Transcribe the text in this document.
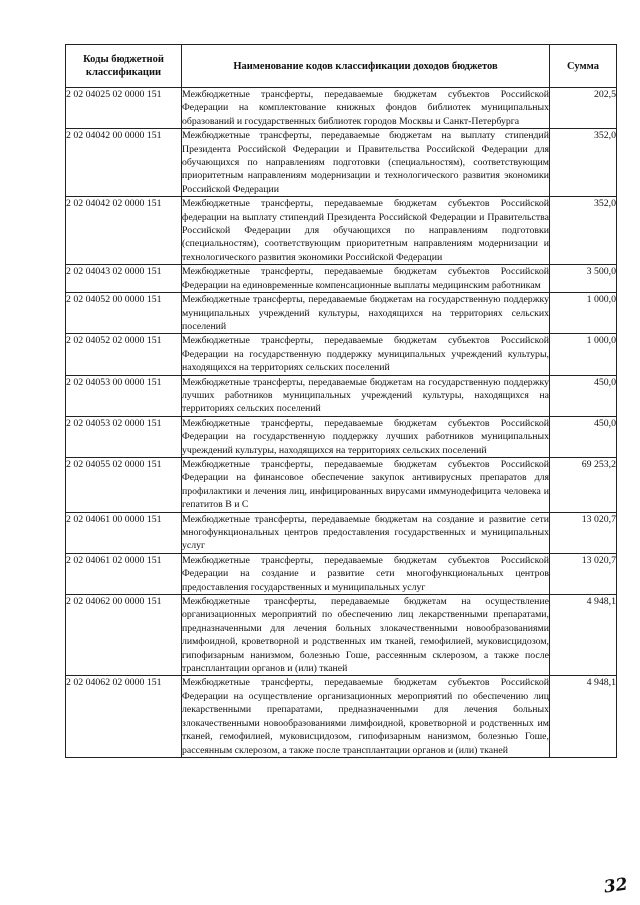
Коды бюджетной классификации	Наименование кодов классификации доходов бюджетов	Сумма
2 02 04025 02 0000 151	Межбюджетные трансферты, передаваемые бюджетам субъектов Российской Федерации на комплектование книжных фондов библиотек муниципальных образований и государственных библиотек городов Москвы и Санкт-Петербурга	202,5
2 02 04042 00 0000 151	Межбюджетные трансферты, передаваемые бюджетам на выплату стипендий Президента Российской Федерации и Правительства Российской Федерации для обучающихся по направлениям подготовки (специальностям), соответствующим приоритетным направлениям модернизации и технологического развития экономики Российской Федерации	352,0
2 02 04042 02 0000 151	Межбюджетные трансферты, передаваемые бюджетам субъектов Российской федерации на выплату стипендий Президента Российской Федерации и Правительства Российской Федерации для обучающихся по направлениям подготовки (специальностям), соответствующим приоритетным направлениям модернизации и технологического развития экономики Российской Федерации	352,0
2 02 04043 02 0000 151	Межбюджетные трансферты, передаваемые бюджетам субъектов Российской Федерации на единовременные компенсационные выплаты медицинским работникам	3 500,0
2 02 04052 00 0000 151	Межбюджетные трансферты, передаваемые бюджетам на государственную поддержку муниципальных учреждений культуры, находящихся на территориях сельских поселений	1 000,0
2 02 04052 02 0000 151	Межбюджетные трансферты, передаваемые бюджетам субъектов Российской Федерации на государственную поддержку муниципальных учреждений культуры, находящихся на территориях сельских поселений	1 000,0
2 02 04053 00 0000 151	Межбюджетные трансферты, передаваемые бюджетам на государственную поддержку лучших работников муниципальных учреждений культуры, находящихся на территориях сельских поселений	450,0
2 02 04053 02 0000 151	Межбюджетные трансферты, передаваемые бюджетам субъектов Российской Федерации на государственную поддержку лучших работников муниципальных учреждений культуры, находящихся на территориях сельских поселений	450,0
2 02 04055 02 0000 151	Межбюджетные трансферты, передаваемые бюджетам субъектов Российской Федерации на финансовое обеспечение закупок антивирусных препаратов для профилактики и лечения лиц, инфицированных вирусами иммунодефицита человека и гепатитов В и С	69 253,2
2 02 04061 00 0000 151	Межбюджетные трансферты, передаваемые бюджетам на создание и развитие сети многофункциональных центров предоставления государственных и муниципальных услуг	13 020,7
2 02 04061 02 0000 151	Межбюджетные трансферты, передаваемые бюджетам субъектов Российской Федерации на создание и развитие сети многофункциональных центров предоставления государственных и муниципальных услуг	13 020,7
2 02 04062 00 0000 151	Межбюджетные трансферты, передаваемые бюджетам на осуществление организационных мероприятий по обеспечению лиц лекарственными препаратами, предназначенными для лечения больных злокачественными новообразованиями лимфоидной, кроветворной и родственных им тканей, гемофилией, муковисцидозом, гипофизарным нанизмом, болезнью Гоше, рассеянным склерозом, а также после трансплантации органов и (или) тканей	4 948,1
2 02 04062 02 0000 151	Межбюджетные трансферты, передаваемые бюджетам субъектов Российской Федерации на осуществление организационных мероприятий по обеспечению лиц лекарственными препаратами, предназначенными для лечения больных злокачественными новообразованиями лимфоидной, кроветворной и родственных им тканей, гемофилией, муковисцидозом, гипофизарным нанизмом, болезнью Гоше, рассеянным склерозом, а также после трансплантации органов и (или) тканей	4 948,1
32
